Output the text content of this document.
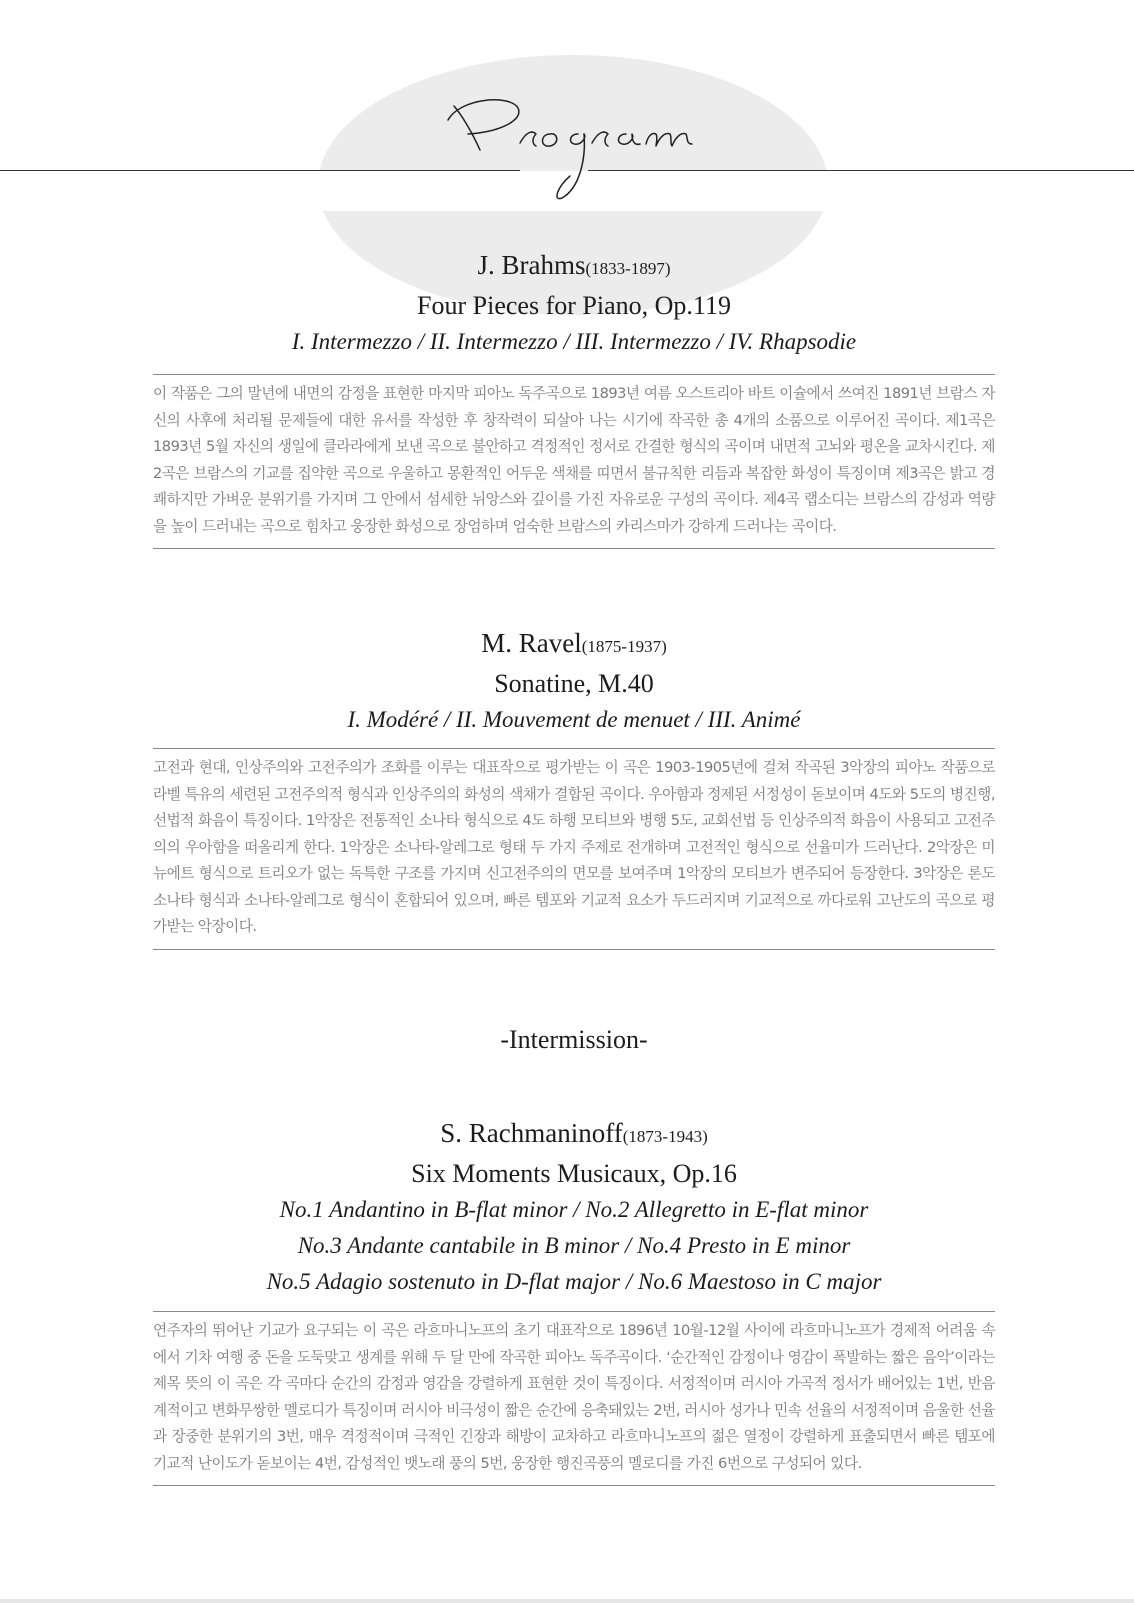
J. Brahms(1833-1897)
Four Pieces for Piano, Op.119
I. Intermezzo / II. Intermezzo / III. Intermezzo / IV. Rhapsodie
이 작품은 그의 말년에 내면의 감정을 표현한 마지막 피아노 독주곡으로 1893년 여름 오스트리아 바트 이슐에서 쓰여진 1891년 브람스 자신의 사후에 처리될 문제들에 대한 유서를 작성한 후 창작력이 되살아 나는 시기에 작곡한 총 4개의 소품으로 이루어진 곡이다. 제1곡은 1893년 5월 자신의 생일에 클라라에게 보낸 곡으로 불안하고 격정적인 정서로 간결한 형식의 곡이며 내면적 고뇌와 평온을 교차시킨다. 제2곡은 브람스의 기교를 집약한 곡으로 우울하고 몽환적인 어두운 색채를 띠면서 불규칙한 리듬과 복잡한 화성이 특징이며 제3곡은 밝고 경쾌하지만 가벼운 분위기를 가지며 그 안에서 섬세한 뉘앙스와 깊이를 가진 자유로운 구성의 곡이다. 제4곡 랩소디는 브람스의 감성과 역량을 높이 드러내는 곡으로 힘차고 웅장한 화성으로 장엄하며 엄숙한 브람스의 카리스마가 강하게 드러나는 곡이다.
M. Ravel(1875-1937)
Sonatine, M.40
I. Modéré / II. Mouvement de menuet / III. Animé
고전과 현대, 인상주의와 고전주의가 조화를 이루는 대표작으로 평가받는 이 곡은 1903-1905년에 걸쳐 작곡된 3악장의 피아노 작품으로 라벨 특유의 세련된 고전주의적 형식과 인상주의의 화성의 색채가 결합된 곡이다. 우아함과 정제된 서정성이 돋보이며 4도와 5도의 병진행, 선법적 화음이 특징이다. 1악장은 전통적인 소나타 형식으로 4도 하행 모티브와 병행 5도, 교회선법 등 인상주의적 화음이 사용되고 고전주의의 우아함을 떠올리게 한다. 1악장은 소나타-알레그로 형태 두 가지 주제로 전개하며 고전적인 형식으로 선율미가 드러난다. 2악장은 미뉴에트 형식으로 트리오가 없는 독특한 구조를 가지며 신고전주의의 면모를 보여주며 1악장의 모티브가 변주되어 등장한다. 3악장은 론도 소나타 형식과 소나타-알레그로 형식이 혼합되어 있으며, 빠른 템포와 기교적 요소가 두드러지며 기교적으로 까다로워 고난도의 곡으로 평가받는 악장이다.
-Intermission-
S. Rachmaninoff(1873-1943)
Six Moments Musicaux, Op.16
No.1 Andantino in B-flat minor / No.2 Allegretto in E-flat minor
No.3 Andante cantabile in B minor / No.4 Presto in E minor
No.5 Adagio sostenuto in D-flat major / No.6 Maestoso in C major
연주자의 뛰어난 기교가 요구되는 이 곡은 라흐마니노프의 초기 대표작으로 1896년 10월-12월 사이에 라흐마니노프가 경제적 어려움 속에서 기차 여행 중 돈을 도둑맞고 생계를 위해 두 달 만에 작곡한 피아노 독주곡이다. ‘순간적인 감정이나 영감이 폭발하는 짧은 음악’이라는 제목 뜻의 이 곡은 각 곡마다 순간의 감정과 영감을 강렬하게 표현한 것이 특징이다. 서정적이며 러시아 가곡적 정서가 배어있는 1번, 반음계적이고 변화무쌍한 멜로디가 특징이며 러시아 비극성이 짧은 순간에 응축돼있는 2번, 러시아 성가나 민속 선율의 서정적이며 음울한 선율과 장중한 분위기의 3번, 매우 격정적이며 극적인 긴장과 해방이 교차하고 라흐마니노프의 젊은 열정이 강렬하게 표출되면서 빠른 템포에 기교적 난이도가 돋보이는 4번, 감성적인 뱃노래 풍의 5번, 웅장한 행진곡풍의 멜로디를 가진 6번으로 구성되어 있다.
